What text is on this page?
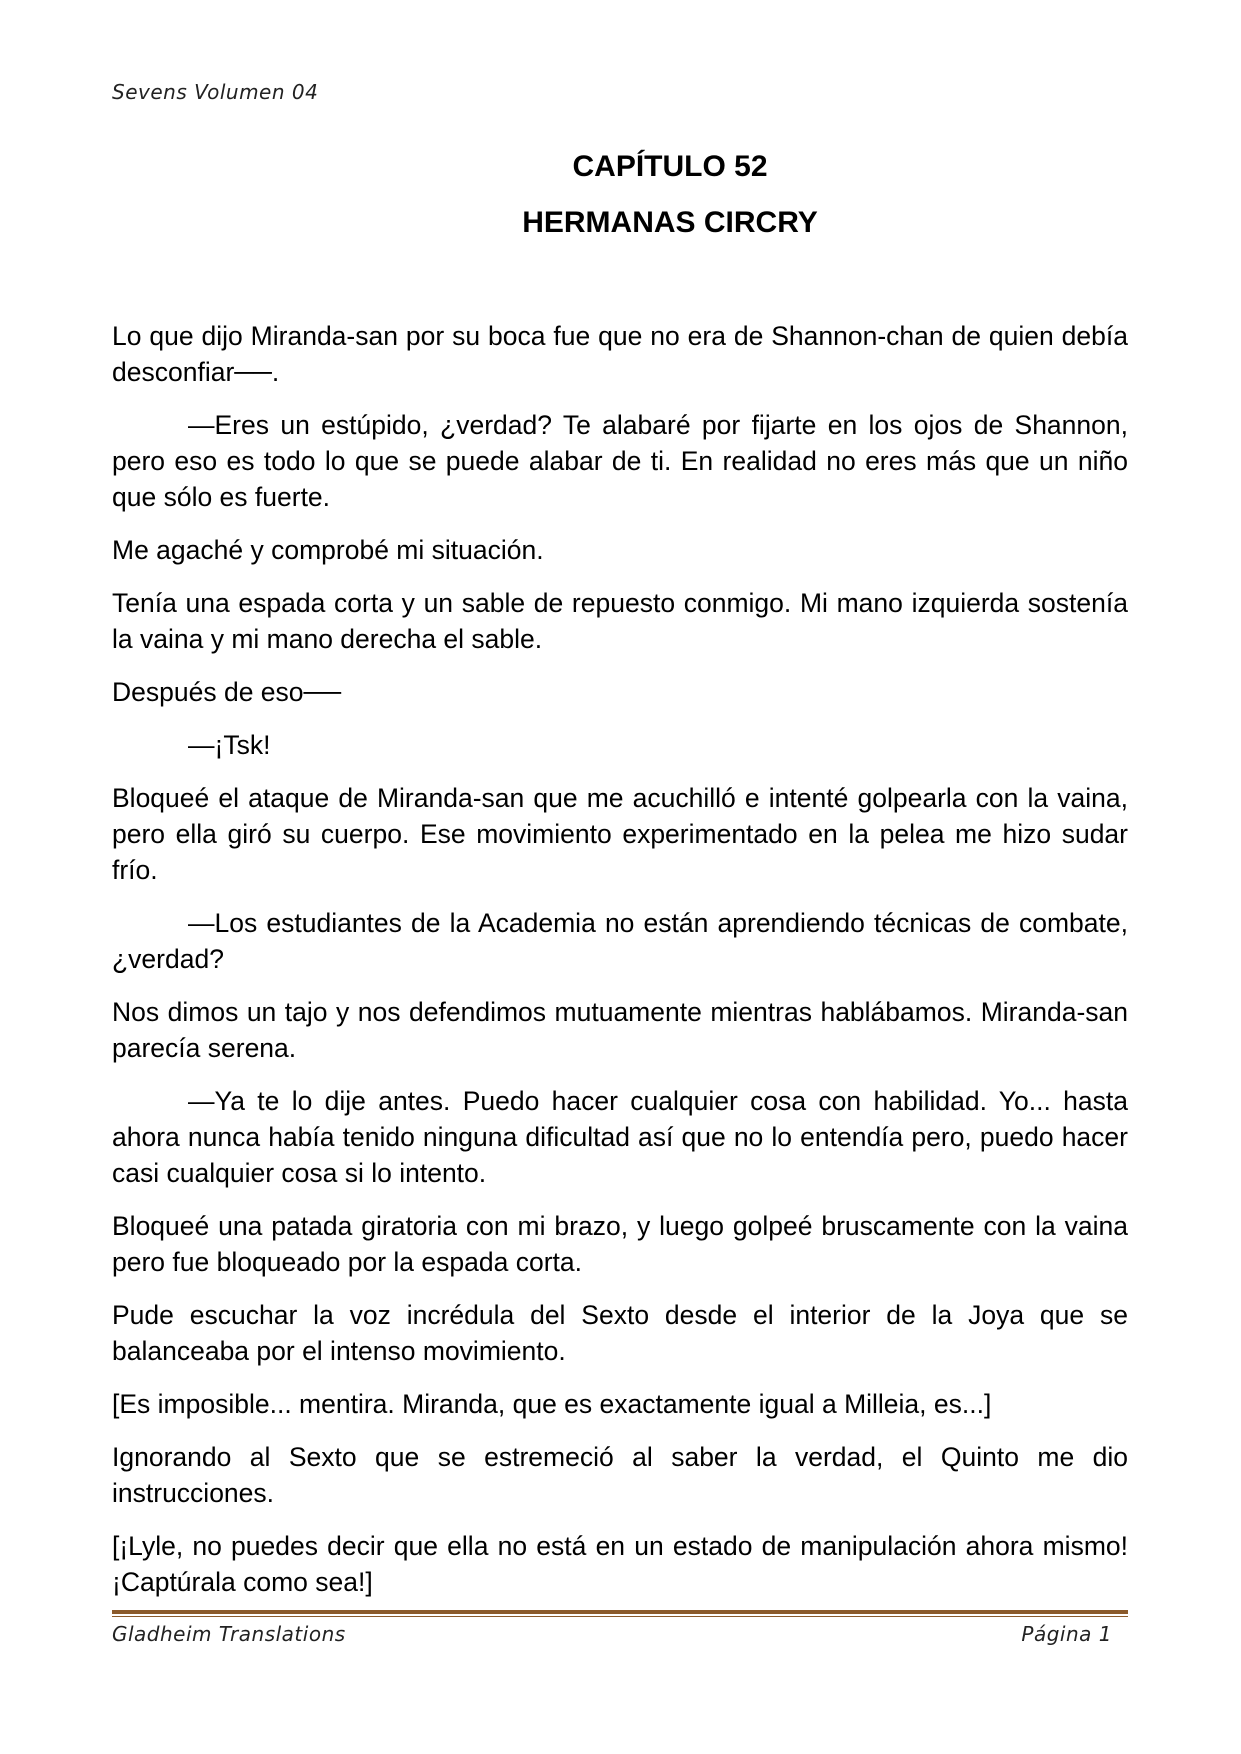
Sevens Volumen 04
CAPÍTULO 52
HERMANAS CIRCRY

Lo que dijo Miranda-san por su boca fue que no era de Shannon-chan de quien debía desconfiar──.

—Eres un estúpido, ¿verdad? Te alabaré por fijarte en los ojos de Shannon, pero eso es todo lo que se puede alabar de ti. En realidad no eres más que un niño que sólo es fuerte.

Me agaché y comprobé mi situación.

Tenía una espada corta y un sable de repuesto conmigo. Mi mano izquierda sostenía la vaina y mi mano derecha el sable.

Después de eso──

—¡Tsk!

Bloqueé el ataque de Miranda-san que me acuchilló e intenté golpearla con la vaina, pero ella giró su cuerpo. Ese movimiento experimentado en la pelea me hizo sudar frío.

—Los estudiantes de la Academia no están aprendiendo técnicas de combate, ¿verdad?

Nos dimos un tajo y nos defendimos mutuamente mientras hablábamos. Miranda-san parecía serena.

—Ya te lo dije antes. Puedo hacer cualquier cosa con habilidad. Yo... hasta ahora nunca había tenido ninguna dificultad así que no lo entendía pero, puedo hacer casi cualquier cosa si lo intento.

Bloqueé una patada giratoria con mi brazo, y luego golpeé bruscamente con la vaina pero fue bloqueado por la espada corta.

Pude escuchar la voz incrédula del Sexto desde el interior de la Joya que se balanceaba por el intenso movimiento.

[Es imposible... mentira. Miranda, que es exactamente igual a Milleia, es...]

Ignorando al Sexto que se estremeció al saber la verdad, el Quinto me dio instrucciones.

[¡Lyle, no puedes decir que ella no está en un estado de manipulación ahora mismo! ¡Captúrala como sea!]

Gladheim Translations	Página 1
